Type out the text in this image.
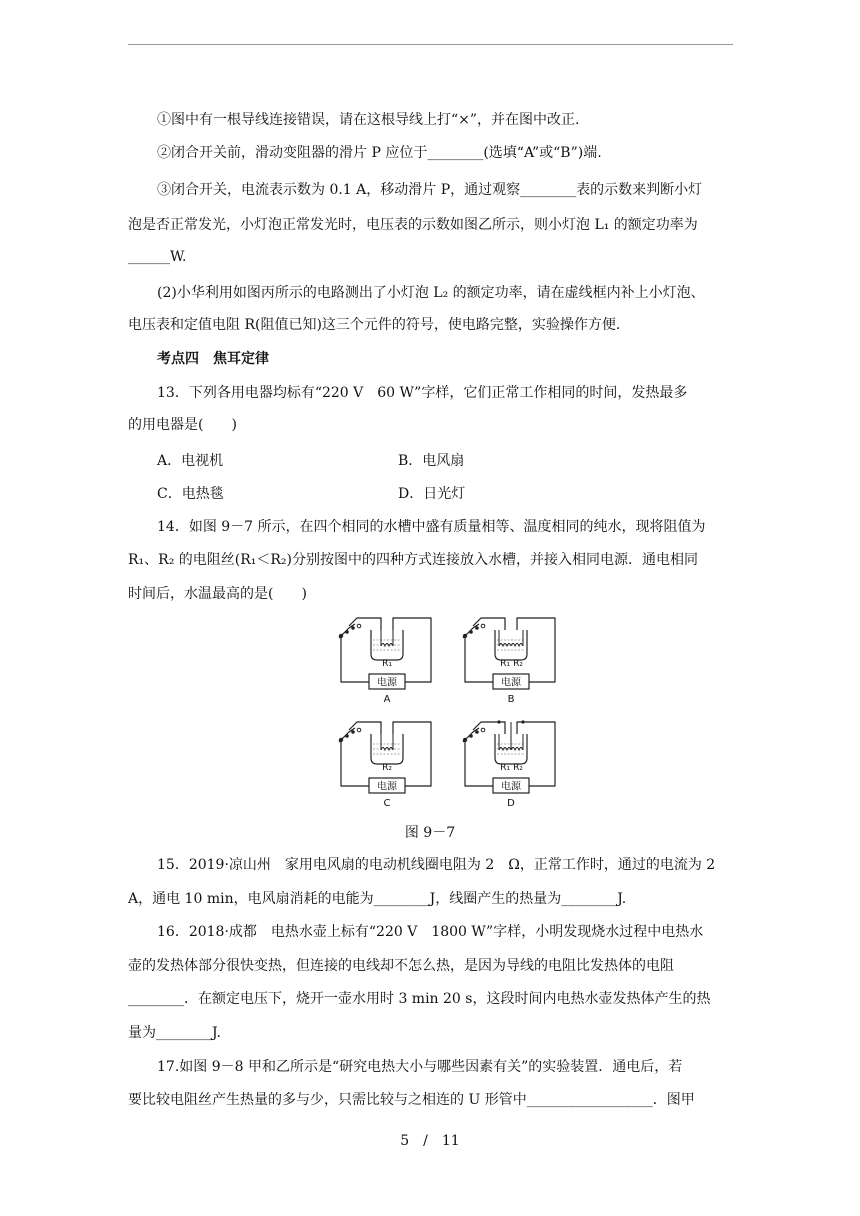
①图中有一根导线连接错误，请在这根导线上打“×”，并在图中改正.
②闭合开关前，滑动变阻器的滑片 P 应位于________(选填“A”或“B”)端.
③闭合开关，电流表示数为 0.1 A，移动滑片 P，通过观察________表的示数来判断小灯
泡是否正常发光，小灯泡正常发光时，电压表的示数如图乙所示，则小灯泡 L₁ 的额定功率为
______W.
(2)小华利用如图丙所示的电路测出了小灯泡 L₂ 的额定功率，请在虚线框内补上小灯泡、
电压表和定值电阻 R(阻值已知)这三个元件的符号，使电路完整，实验操作方便.
考点四　焦耳定律
13．下列各用电器均标有“220 V　60 W”字样，它们正常工作相同的时间，发热最多
的用电器是(　　)
A．电视机	B．电风扇
C．电热毯	D．日光灯
14．如图 9－7 所示，在四个相同的水槽中盛有质量相等、温度相同的纯水，现将阻值为
R₁、R₂ 的电阻丝(R₁＜R₂)分别按图中的四种方式连接放入水槽，并接入相同电源．通电相同
时间后，水温最高的是(　　)
电源
R₁
A
电源
R₁ R₂
B
电源
R₂
C
电源
R₁ R₂
D
图 9－7
15．2019·凉山州　家用电风扇的电动机线圈电阻为 2　Ω，正常工作时，通过的电流为 2
A，通电 10 min，电风扇消耗的电能为________J，线圈产生的热量为________J.
16．2018·成都　电热水壶上标有“220 V　1800 W”字样，小明发现烧水过程中电热水
壶的发热体部分很快变热，但连接的电线却不怎么热，是因为导线的电阻比发热体的电阻
________．在额定电压下，烧开一壶水用时 3 min 20 s，这段时间内电热水壶发热体产生的热
量为________J.
17.如图 9－8 甲和乙所示是“研究电热大小与哪些因素有关”的实验装置．通电后，若
要比较电阻丝产生热量的多与少，只需比较与之相连的 U 形管中__________________．图甲
5　/　11
